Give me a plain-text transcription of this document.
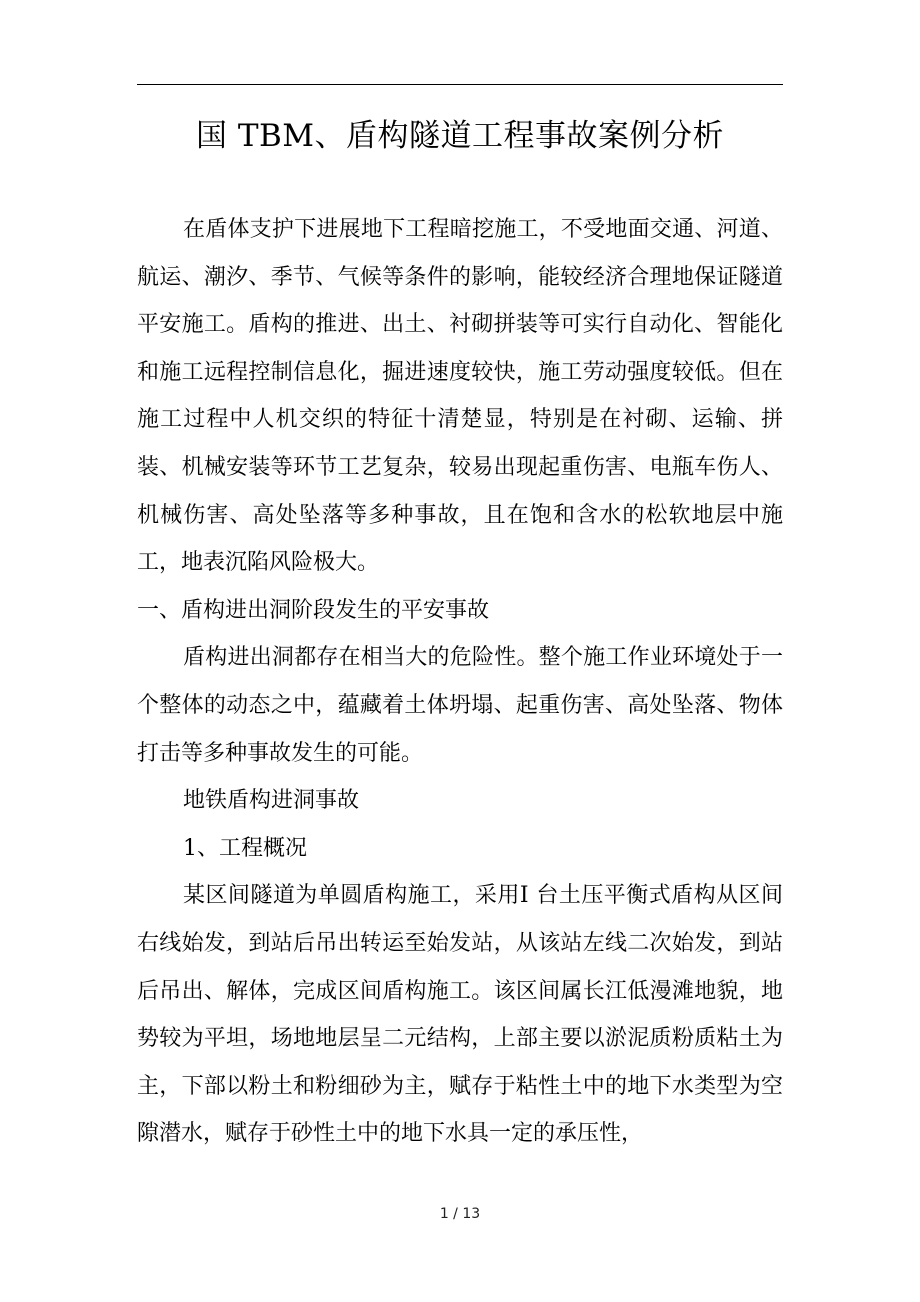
国 TBM、盾构隧道工程事故案例分析

在盾体支护下进展地下工程暗挖施工，不受地面交通、河道、航运、潮汐、季节、气候等条件的影响，能较经济合理地保证隧道平安施工。盾构的推进、出土、衬砌拼装等可实行自动化、智能化和施工远程控制信息化，掘进速度较快，施工劳动强度较低。但在施工过程中人机交织的特征十清楚显，特别是在衬砌、运输、拼装、机械安装等环节工艺复杂，较易出现起重伤害、电瓶车伤人、机械伤害、高处坠落等多种事故，且在饱和含水的松软地层中施工，地表沉陷风险极大。

一、盾构进出洞阶段发生的平安事故

盾构进出洞都存在相当大的危险性。整个施工作业环境处于一个整体的动态之中，蕴藏着土体坍塌、起重伤害、高处坠落、物体打击等多种事故发生的可能。

地铁盾构进洞事故

1、工程概况

某区间隧道为单圆盾构施工，采用Ⅰ 台土压平衡式盾构从区间右线始发，到站后吊出转运至始发站，从该站左线二次始发，到站后吊出、解体，完成区间盾构施工。该区间属长江低漫滩地貌，地势较为平坦，场地地层呈二元结构，上部主要以淤泥质粉质粘土为主，下部以粉土和粉细砂为主，赋存于粘性土中的地下水类型为空隙潜水，赋存于砂性土中的地下水具一定的承压性，

1 / 13
